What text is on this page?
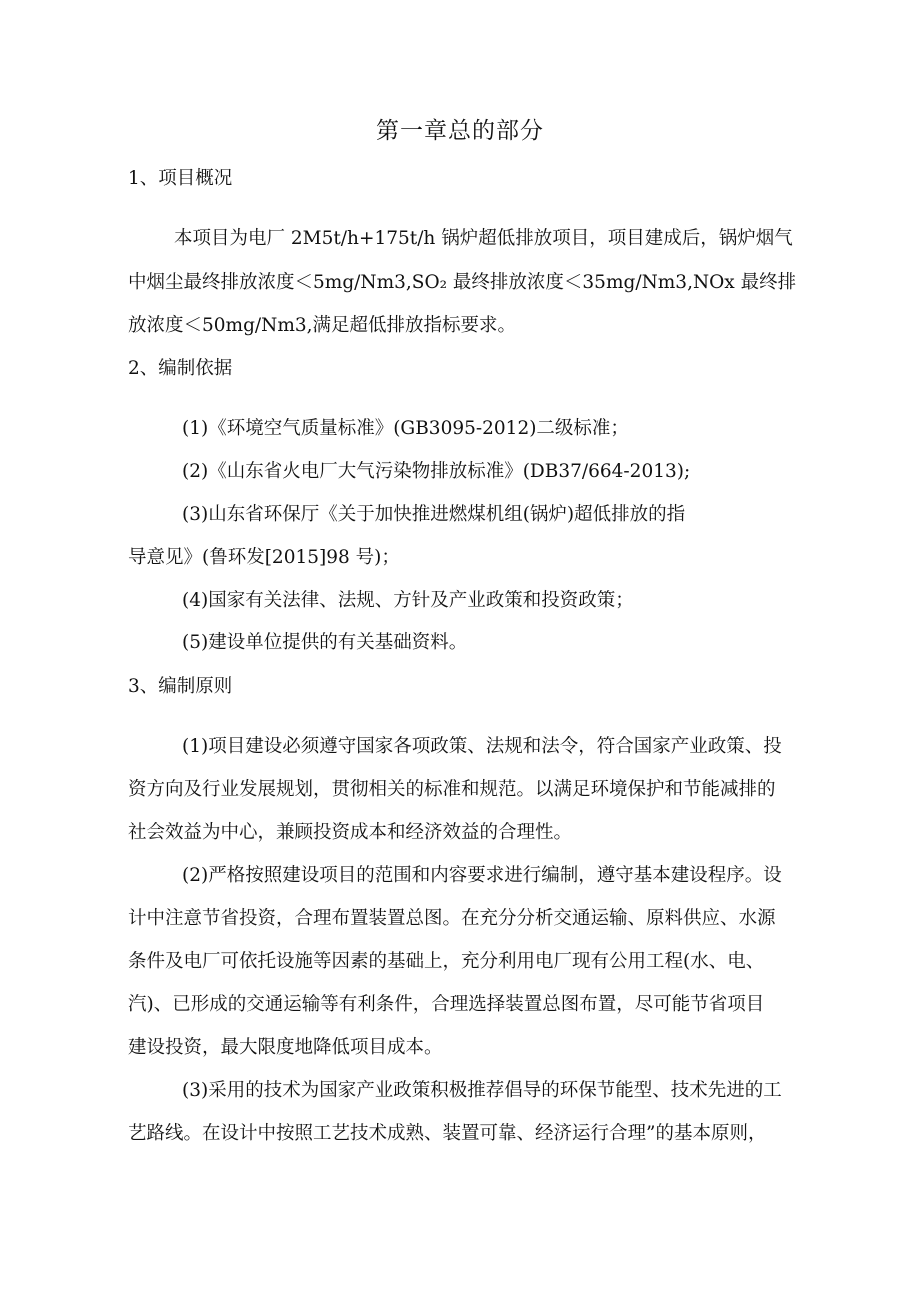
第一章总的部分
1、项目概况
本项目为电厂 2M5t/h+175t/h 锅炉超低排放项目，项目建成后，锅炉烟气
中烟尘最终排放浓度＜5mg/Nm3,SO₂ 最终排放浓度＜35mg/Nm3,NOx 最终排
放浓度＜50mg/Nm3,满足超低排放指标要求。
2、编制依据
(1)《环境空气质量标准》(GB3095-2012)二级标准；
(2)《山东省火电厂大气污染物排放标准》(DB37/664-2013);
(3)山东省环保厅《关于加快推进燃煤机组(锅炉)超低排放的指
导意见》(鲁环发[2015]98 号)；
(4)国家有关法律、法规、方针及产业政策和投资政策；
(5)建设单位提供的有关基础资料。
3、编制原则
(1)项目建设必须遵守国家各项政策、法规和法令，符合国家产业政策、投
资方向及行业发展规划，贯彻相关的标准和规范。以满足环境保护和节能减排的
社会效益为中心，兼顾投资成本和经济效益的合理性。
(2)严格按照建设项目的范围和内容要求进行编制，遵守基本建设程序。设
计中注意节省投资，合理布置装置总图。在充分分析交通运输、原料供应、水源
条件及电厂可依托设施等因素的基础上，充分利用电厂现有公用工程(水、电、
汽)、已形成的交通运输等有利条件，合理选择装置总图布置，尽可能节省项目
建设投资，最大限度地降低项目成本。
(3)采用的技术为国家产业政策积极推荐倡导的环保节能型、技术先进的工
艺路线。在设计中按照工艺技术成熟、装置可靠、经济运行合理”的基本原则，
